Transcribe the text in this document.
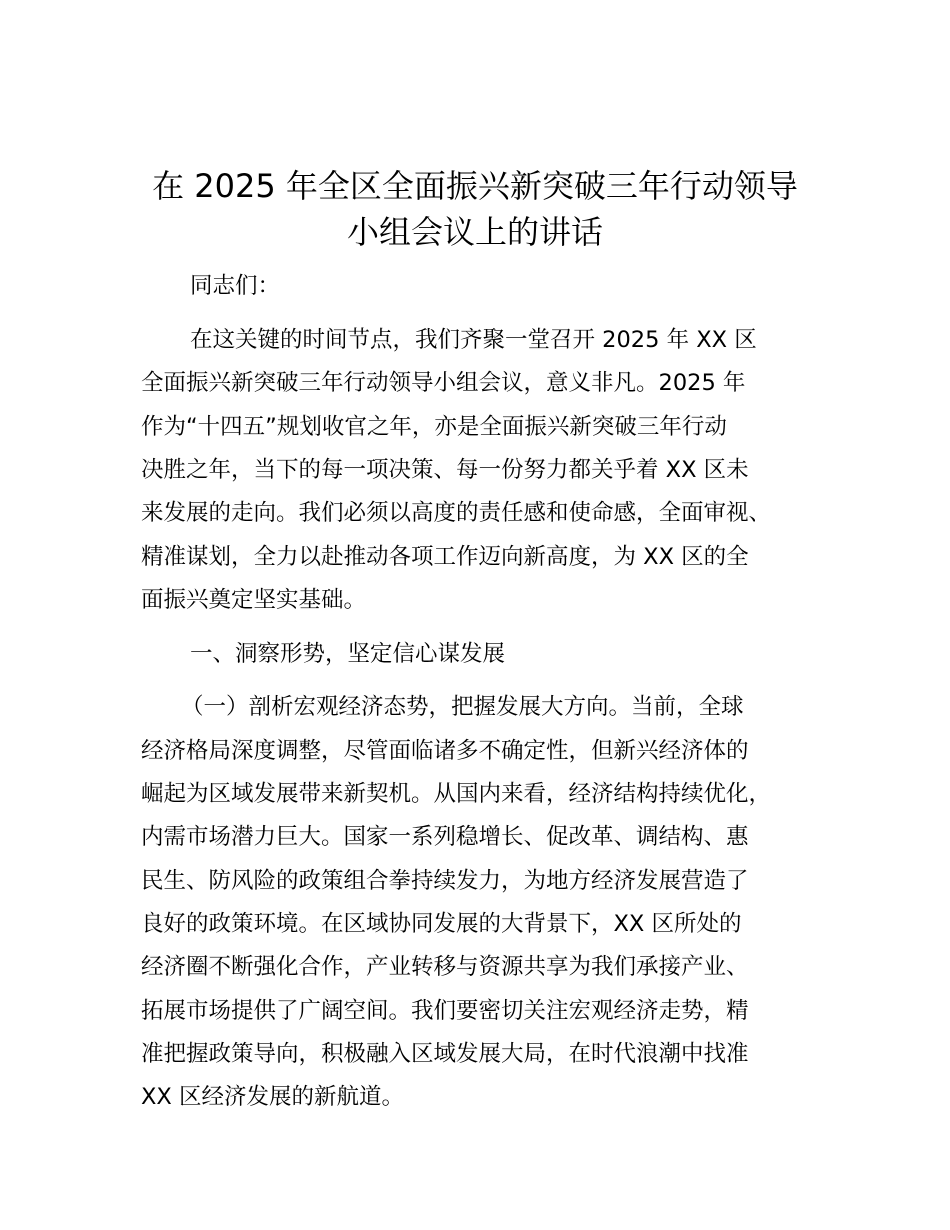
在 2025 年全区全面振兴新突破三年行动领导
小组会议上的讲话

同志们：

在这关键的时间节点，我们齐聚一堂召开 2025 年 XX 区

全面振兴新突破三年行动领导小组会议，意义非凡。2025 年

作为“十四五”规划收官之年，亦是全面振兴新突破三年行动

决胜之年，当下的每一项决策、每一份努力都关乎着 XX 区未

来发展的走向。我们必须以高度的责任感和使命感，全面审视、

精准谋划，全力以赴推动各项工作迈向新高度，为 XX 区的全

面振兴奠定坚实基础。

一、洞察形势，坚定信心谋发展

（一）剖析宏观经济态势，把握发展大方向。当前，全球

经济格局深度调整，尽管面临诸多不确定性，但新兴经济体的

崛起为区域发展带来新契机。从国内来看，经济结构持续优化，

内需市场潜力巨大。国家一系列稳增长、促改革、调结构、惠

民生、防风险的政策组合拳持续发力，为地方经济发展营造了

良好的政策环境。在区域协同发展的大背景下，XX 区所处的

经济圈不断强化合作，产业转移与资源共享为我们承接产业、

拓展市场提供了广阔空间。我们要密切关注宏观经济走势，精

准把握政策导向，积极融入区域发展大局，在时代浪潮中找准

XX 区经济发展的新航道。
